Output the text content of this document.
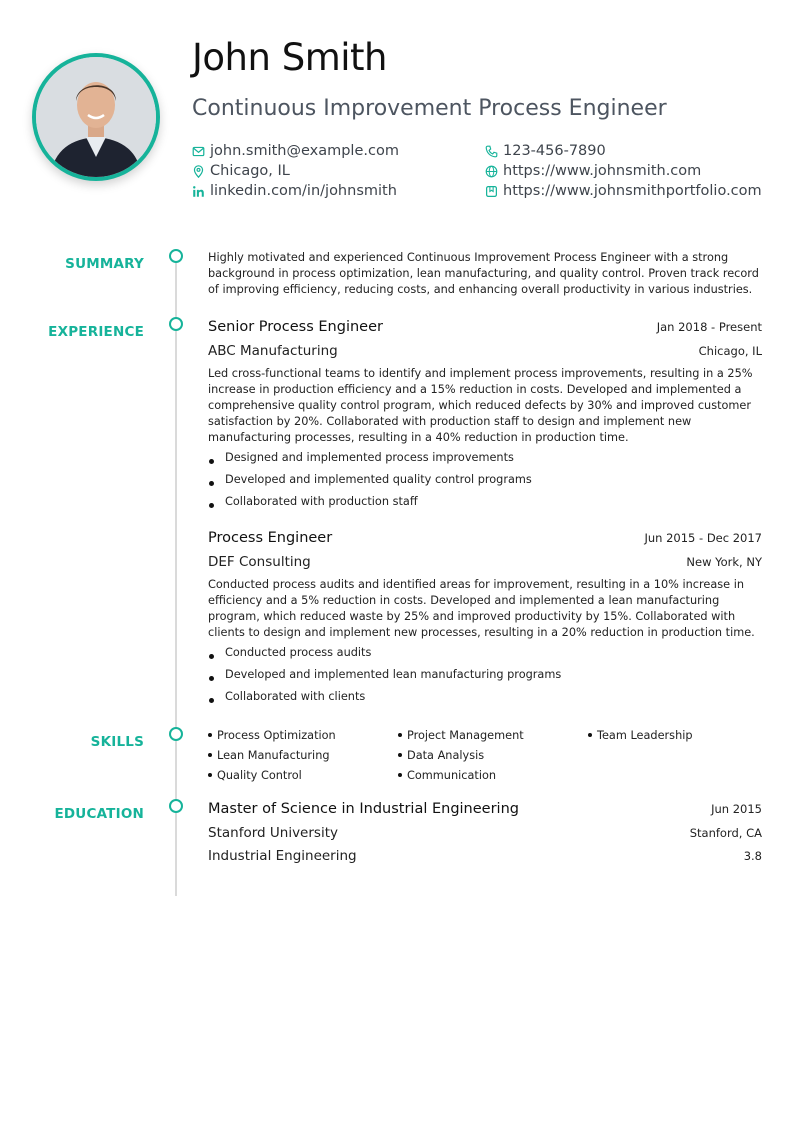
John Smith
Continuous Improvement Process Engineer
john.smith@example.com	123-456-7890
Chicago, IL	https://www.johnsmith.com
linkedin.com/in/johnsmith	https://www.johnsmithportfolio.com
SUMMARY	Highly motivated and experienced Continuous Improvement Process Engineer with a strong background in process optimization, lean manufacturing, and quality control. Proven track record of improving efficiency, reducing costs, and enhancing overall productivity in various industries.

EXPERIENCE	Senior Process Engineer	Jan 2018 - Present
ABC Manufacturing	Chicago, IL

Led cross-functional teams to identify and implement process improvements, resulting in a 25% increase in production efficiency and a 15% reduction in costs. Developed and implemented a comprehensive quality control program, which reduced defects by 30% and improved customer satisfaction by 20%. Collaborated with production staff to design and implement new manufacturing processes, resulting in a 40% reduction in production time.

Designed and implemented process improvements
Developed and implemented quality control programs
Collaborated with production staff
Process Engineer	Jun 2015 - Dec 2017
DEF Consulting	New York, NY

Conducted process audits and identified areas for improvement, resulting in a 10% increase in efficiency and a 5% reduction in costs. Developed and implemented a lean manufacturing program, which reduced waste by 25% and improved productivity by 15%. Collaborated with clients to design and implement new processes, resulting in a 20% reduction in production time.

Conducted process audits
Developed and implemented lean manufacturing programs
Collaborated with clients
SKILLS	Process Optimization	Project Management	Team Leadership
Lean Manufacturing	Data Analysis
Quality Control	Communication
EDUCATION	Master of Science in Industrial Engineering	Jun 2015
Stanford University	Stanford, CA
Industrial Engineering	3.8
